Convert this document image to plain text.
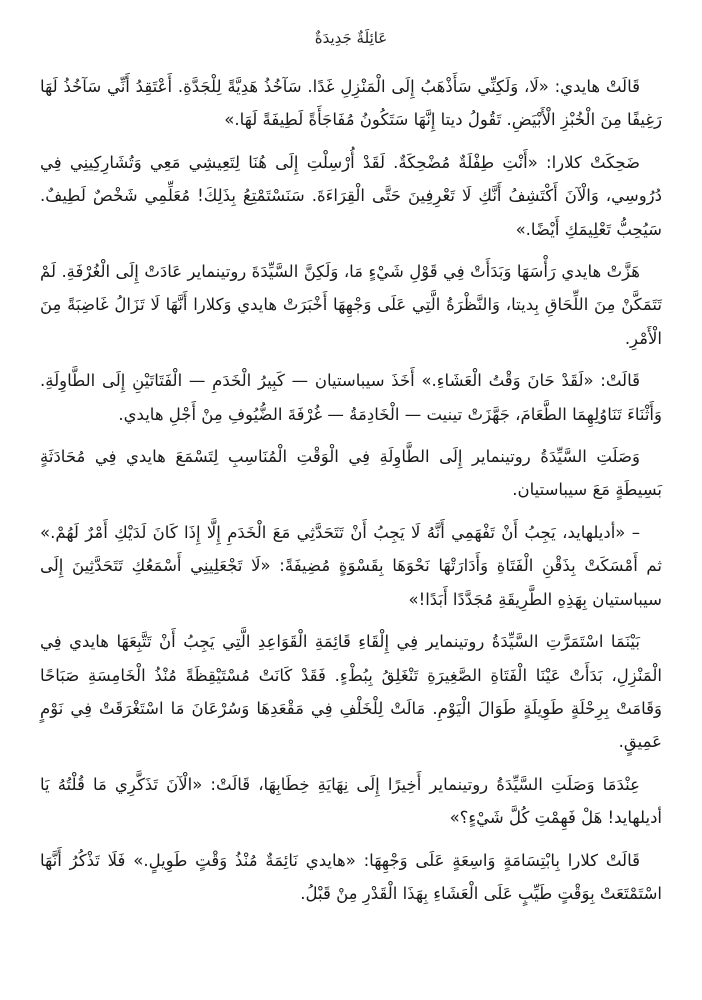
عَائِلَةٌ جَدِيدَةٌ

قَالَتْ هايدي: «لَا، وَلَكِنِّي سَأَذْهَبُ إِلَى الْمَنْزِلِ غَدًا. سَآخُذُ هَدِيَّةً لِلْجَدَّةِ. أَعْتَقِدُ أَنِّي سَآخُذُ لَهَا رَغِيفًا مِنَ الْخُبْزِ الْأَبْيَضِ. تَقُولُ ديتا إِنَّهَا سَتَكُونُ مُفَاجَأَةً لَطِيفَةً لَهَا.»

ضَحِكَتْ كلارا: «أَنْتِ طِفْلَةٌ مُضْحِكَةٌ. لَقَدْ أُرْسِلْتِ إِلَى هُنَا لِتَعِيشِي مَعِي وَتُشَارِكِينِي فِي دُرُوسِي، وَالْآنَ أَكْتَشِفُ أَنَّكِ لَا تَعْرِفِينَ حَتَّى الْقِرَاءَةَ. سَنَسْتَمْتِعُ بِذَلِكَ! مُعَلِّمِي شَخْصٌ لَطِيفٌ. سَيُحِبُّ تَعْلِيمَكِ أَيْضًا.»

هَزَّتْ هايدي رَأْسَهَا وَبَدَأَتْ فِي قَوْلِ شَيْءٍ مَا، وَلَكِنَّ السَّيِّدَةَ روتينماير عَادَتْ إِلَى الْغُرْفَةِ. لَمْ تَتَمَكَّنْ مِنَ اللِّحَاقِ بِديتا، وَالنَّظْرَةُ الَّتِي عَلَى وَجْهِهَا أَخْبَرَتْ هايدي وَكلارا أَنَّهَا لَا تَزَالُ غَاضِبَةً مِنَ الْأَمْرِ.

قَالَتْ: «لَقَدْ حَانَ وَقْتُ الْعَشَاءِ.» أَخَذَ سيباستيان — كَبِيرُ الْخَدَمِ — الْفَتَاتَيْنِ إِلَى الطَّاوِلَةِ. وَأَثْنَاءَ تَنَاوُلِهِمَا الطَّعَامَ، جَهَّزَتْ تينيت — الْخَادِمَةُ — غُرْفَةَ الضُّيُوفِ مِنْ أَجْلِ هايدي.

وَصَلَتِ السَّيِّدَةُ روتينماير إِلَى الطَّاوِلَةِ فِي الْوَقْتِ الْمُنَاسِبِ لِتَسْمَعَ هايدي فِي مُحَادَثَةٍ بَسِيطَةٍ مَعَ سيباستيان.

– «أديلهايد، يَجِبُ أَنْ تَفْهَمِي أَنَّهُ لَا يَجِبُ أَنْ تَتَحَدَّثِي مَعَ الْخَدَمِ إِلَّا إِذَا كَانَ لَدَيْكِ أَمْرٌ لَهُمْ.» ثم أَمْسَكَتْ بِذَقْنِ الْفَتَاةِ وَأَدَارَتْهَا نَحْوَهَا بِقَسْوَةٍ مُضِيفَةً: «لَا تَجْعَلِينِي أَسْمَعُكِ تَتَحَدَّثِينَ إِلَى سيباستيان بِهَذِهِ الطَّرِيقَةِ مُجَدَّدًا أَبَدًا!»

بَيْنَمَا اسْتَمَرَّتِ السَّيِّدَةُ روتينماير فِي إِلْقَاءِ قَائِمَةِ الْقَوَاعِدِ الَّتِي يَجِبُ أَنْ تَتَّبِعَهَا هايدي فِي الْمَنْزِلِ، بَدَأَتْ عَيْنَا الْفَتَاةِ الصَّغِيرَةِ تَنْغَلِقُ بِبُطْءٍ. فَقَدْ كَانَتْ مُسْتَيْقِظَةً مُنْذُ الْخَامِسَةِ صَبَاحًا وَقَامَتْ بِرِحْلَةٍ طَوِيلَةٍ طَوَالَ الْيَوْمِ. مَالَتْ لِلْخَلْفِ فِي مَقْعَدِهَا وَسُرْعَانَ مَا اسْتَغْرَقَتْ فِي نَوْمٍ عَمِيقٍ.

عِنْدَمَا وَصَلَتِ السَّيِّدَةُ روتينماير أَخِيرًا إِلَى نِهَايَةِ خِطَابِهَا، قَالَتْ: «الْآنَ تَذَكَّرِي مَا قُلْتُهُ يَا أديلهايد! هَلْ فَهِمْتِ كُلَّ شَيْءٍ؟»

قَالَتْ كلارا بِابْتِسَامَةٍ وَاسِعَةٍ عَلَى وَجْهِهَا: «هايدي نَائِمَةٌ مُنْذُ وَقْتٍ طَوِيلٍ.» فَلَا تَذْكُرُ أَنَّهَا اسْتَمْتَعَتْ بِوَقْتٍ طَيِّبٍ عَلَى الْعَشَاءِ بِهَذَا الْقَدْرِ مِنْ قَبْلُ.
